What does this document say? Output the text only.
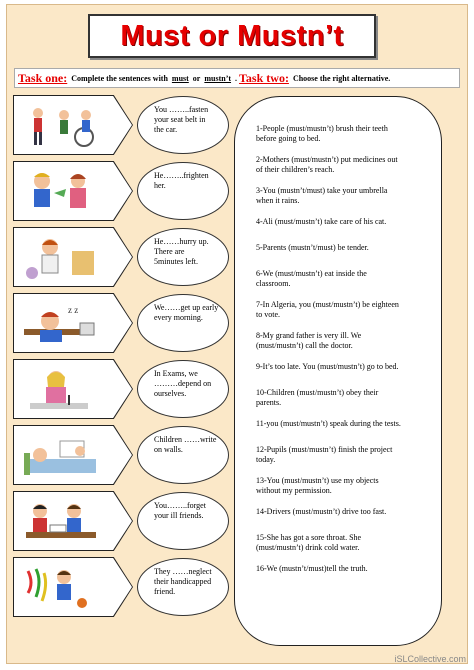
Must or Mustn’t
Task one: Complete the sentences with must or mustn’t . Task two: Choose the right alternative.
You ……..fasten
your seat belt in
the car.
He……..frighten
her.
He……hurry up.
There are
5minutes left.
z z	We……get up early
every morning.
In Exams, we
………depend on
ourselves.
Children ……write
on walls.
You……..forget
your ill friends.
They ……neglect
their handicapped
friend.
1-People (must/mustn’t) brush their teeth
before going to bed.
2-Mothers (must/mustn’t) put medicines out
of their children’s reach.
3-You (mustn’t/must) take your umbrella
when it rains.
4-Ali (must/mustn’t) take care of his cat.
5-Parents (mustn’t/must) be tender.
6-We (must/mustn’t) eat inside the
classroom.
7-In Algeria, you (must/mustn’t) be eighteen
to vote.
8-My grand father is very ill. We
(must/mustn’t) call the doctor.
9-It’s too late. You (must/mustn’t) go to bed.
10-Children (must/mustn’t) obey their
parents.
11-you (must/mustn’t) speak during the tests.
12-Pupils (must/mustn’t) finish the project
today.
13-You (must/mustn’t) use my objects
without my permission.
14-Drivers (must/mustn’t) drive too fast.
15-She has got a sore throat. She
(must/mustn’t) drink cold water.
16-We (mustn’t/must)tell the truth.
iSLCollective.com
